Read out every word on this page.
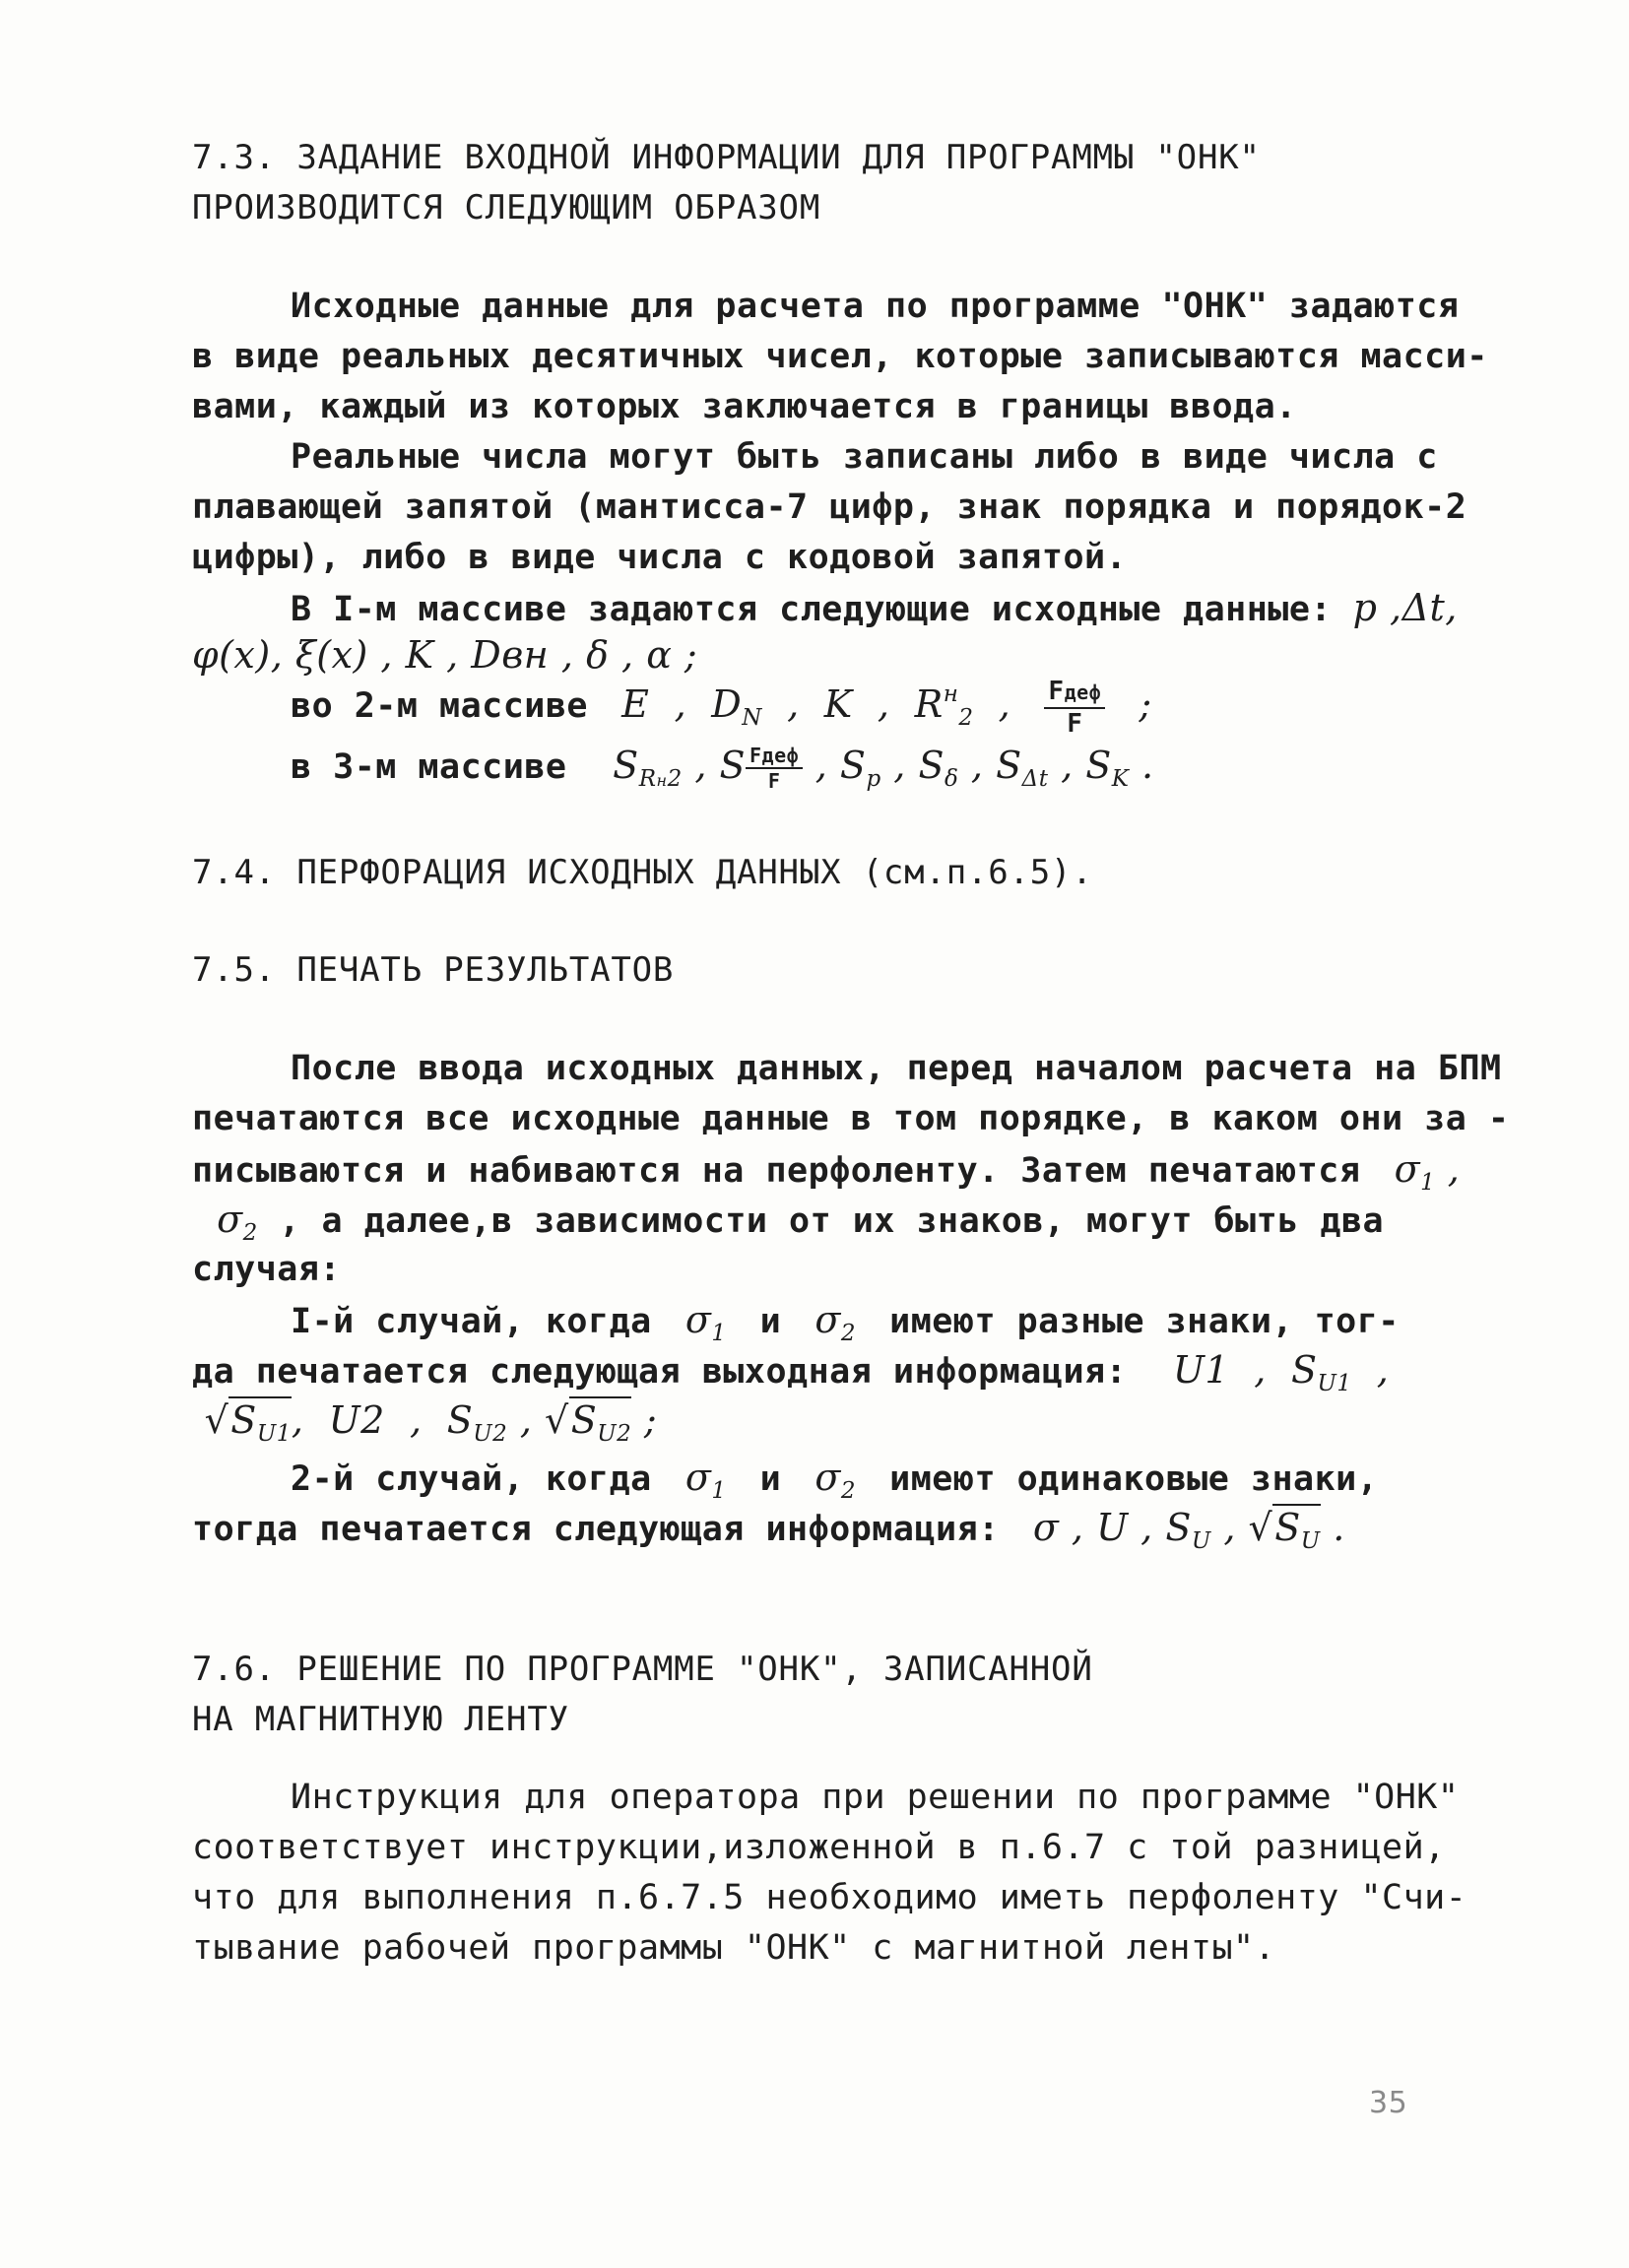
7.3. ЗАДАНИЕ ВХОДНОЙ ИНФОРМАЦИИ ДЛЯ ПРОГРАММЫ "ОНК"
ПРОИЗВОДИТСЯ СЛЕДУЮЩИМ ОБРАЗОМ
Исходные данные для расчета по программе "ОНК" задаются
в виде реальных десятичных чисел, которые записываются масси-
вами, каждый из которых заключается в границы ввода.
Реальные числа могут быть записаны либо в виде числа с
плавающей запятой (мантисса-7 цифр, знак порядка и порядок-2
цифры), либо в виде числа с кодовой запятой.
В I-м массиве задаются следующие исходные данные: p ,Δt,
φ(x), ξ(x) , K , Dвн , δ , α ;
во 2-м массиве  E  ,  $D_N$  ,  K  ,  $R^н_2$  , $\frac{\text{Fдеф}}{F}$ ;
в 3-м массиве   $S_{Rн2}$ , S $\frac{\text{Fдеф}}{F}$ , $S_p$ , $S_\delta$ , $S_{\Delta t}$ , $S_K$ .
7.4. ПЕРФОРАЦИЯ ИСХОДНЫХ ДАННЫХ (см.п.6.5).
7.5. ПЕЧАТЬ РЕЗУЛЬТАТОВ
После ввода исходных данных, перед началом расчета на БПМ
печатаются все исходные данные в том порядке, в каком они за -
писываются и набиваются на перфоленту. Затем печатаются  $\sigma_1$ ,
$\sigma_2$ , а далее,в зависимости от их знаков, могут быть два
случая:
I-й случай, когда  $\sigma_1$ и  $\sigma_2$ имеют разные знаки, тог-
да печатается следующая выходная информация:   U1  ,  $S_{U1}$  ,
$√S_{U1}$,  U2  ,  $S_{U2}$ , $√S_{U2}$ ;
2-й случай, когда  $\sigma_1$ и  $\sigma_2$ имеют одинаковые знаки,
тогда печатается следующая информация:  σ , U , $S_U$ , $√S_U$ .
7.6. РЕШЕНИЕ ПО ПРОГРАММЕ "ОНК", ЗАПИСАННОЙ
НА МАГНИТНУЮ ЛЕНТУ
Инструкция для оператора при решении по программе "ОНК"
соответствует инструкции,изложенной в п.6.7 с той разницей,
что для выполнения п.6.7.5 необходимо иметь перфоленту "Счи-
тывание рабочей программы "ОНК" с магнитной ленты".
35
